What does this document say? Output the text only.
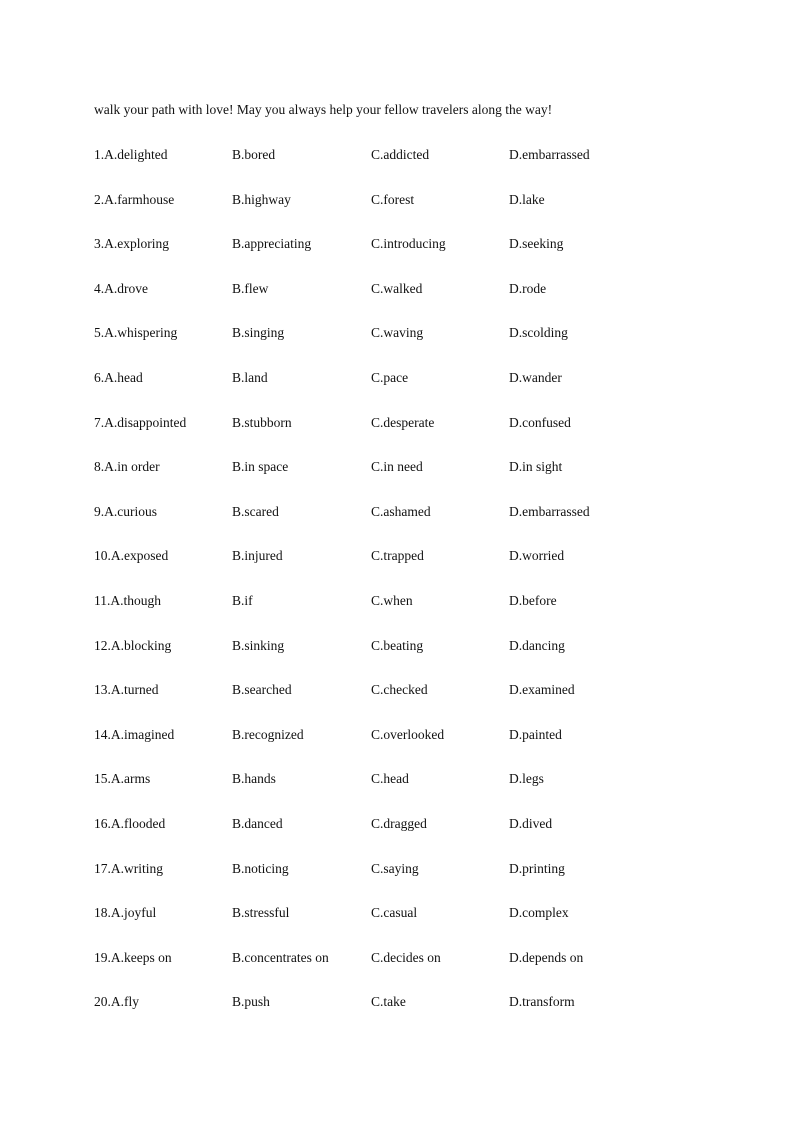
walk your path with love! May you always help your fellow travelers along the way!
1.A.delighted	B.bored	C.addicted	D.embarrassed
2.A.farmhouse	B.highway	C.forest	D.lake
3.A.exploring	B.appreciating	C.introducing	D.seeking
4.A.drove	B.flew	C.walked	D.rode
5.A.whispering	B.singing	C.waving	D.scolding
6.A.head	B.land	C.pace	D.wander
7.A.disappointed	B.stubborn	C.desperate	D.confused
8.A.in order	B.in space	C.in need	D.in sight
9.A.curious	B.scared	C.ashamed	D.embarrassed
10.A.exposed	B.injured	C.trapped	D.worried
11.A.though	B.if	C.when	D.before
12.A.blocking	B.sinking	C.beating	D.dancing
13.A.turned	B.searched	C.checked	D.examined
14.A.imagined	B.recognized	C.overlooked	D.painted
15.A.arms	B.hands	C.head	D.legs
16.A.flooded	B.danced	C.dragged	D.dived
17.A.writing	B.noticing	C.saying	D.printing
18.A.joyful	B.stressful	C.casual	D.complex
19.A.keeps on	B.concentrates on	C.decides on	D.depends on
20.A.fly	B.push	C.take	D.transform
